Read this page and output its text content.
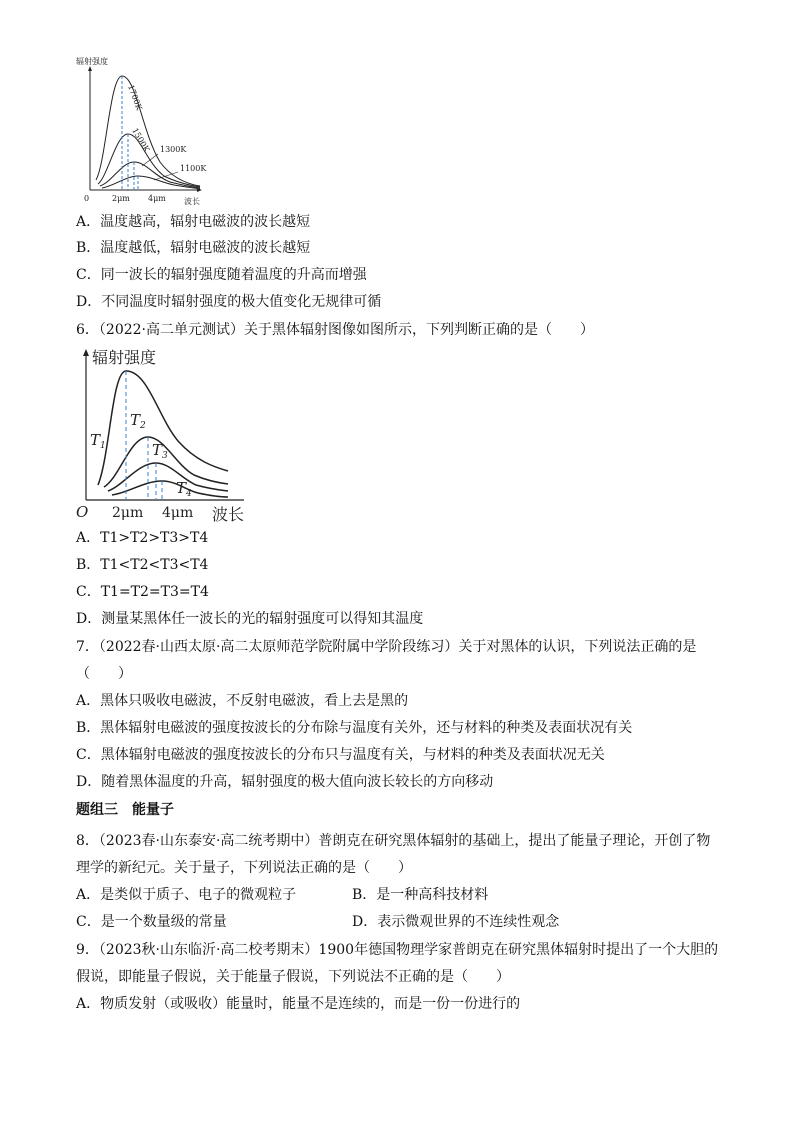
辐射强度
0	2μm 4μm 波长
1700K
1500K 1300K
1100K
A．温度越高，辐射电磁波的波长越短
B．温度越低，辐射电磁波的波长越短
C．同一波长的辐射强度随着温度的升高而增强
D．不同温度时辐射强度的极大值变化无规律可循
6．（2022·高二单元测试）关于黑体辐射图像如图所示，下列判断正确的是（　　）
辐射强度
O 2μm 4μm 波长
$T_1$
$T_2$
$T_3$
$T_4$
A．T1>T2>T3>T4
B．T1<T2<T3<T4
C．T1=T2=T3=T4
D．测量某黑体任一波长的光的辐射强度可以得知其温度
7．（2022春·山西太原·高二太原师范学院附属中学阶段练习）关于对黑体的认识，下列说法正确的是
（　　）
A．黑体只吸收电磁波，不反射电磁波，看上去是黑的
B．黑体辐射电磁波的强度按波长的分布除与温度有关外，还与材料的种类及表面状况有关
C．黑体辐射电磁波的强度按波长的分布只与温度有关，与材料的种类及表面状况无关
D．随着黑体温度的升高，辐射强度的极大值向波长较长的方向移动
题组三　能量子
8．（2023春·山东泰安·高二统考期中）普朗克在研究黑体辐射的基础上，提出了能量子理论，开创了物
理学的新纪元。关于量子，下列说法正确的是（　　）
A．是类似于质子、电子的微观粒子	B．是一种高科技材料
C．是一个数量级的常量	D．表示微观世界的不连续性观念
9．（2023秋·山东临沂·高二校考期末）1900年德国物理学家普朗克在研究黑体辐射时提出了一个大胆的
假说，即能量子假说，关于能量子假说，下列说法不正确的是（　　）
A．物质发射（或吸收）能量时，能量不是连续的，而是一份一份进行的
